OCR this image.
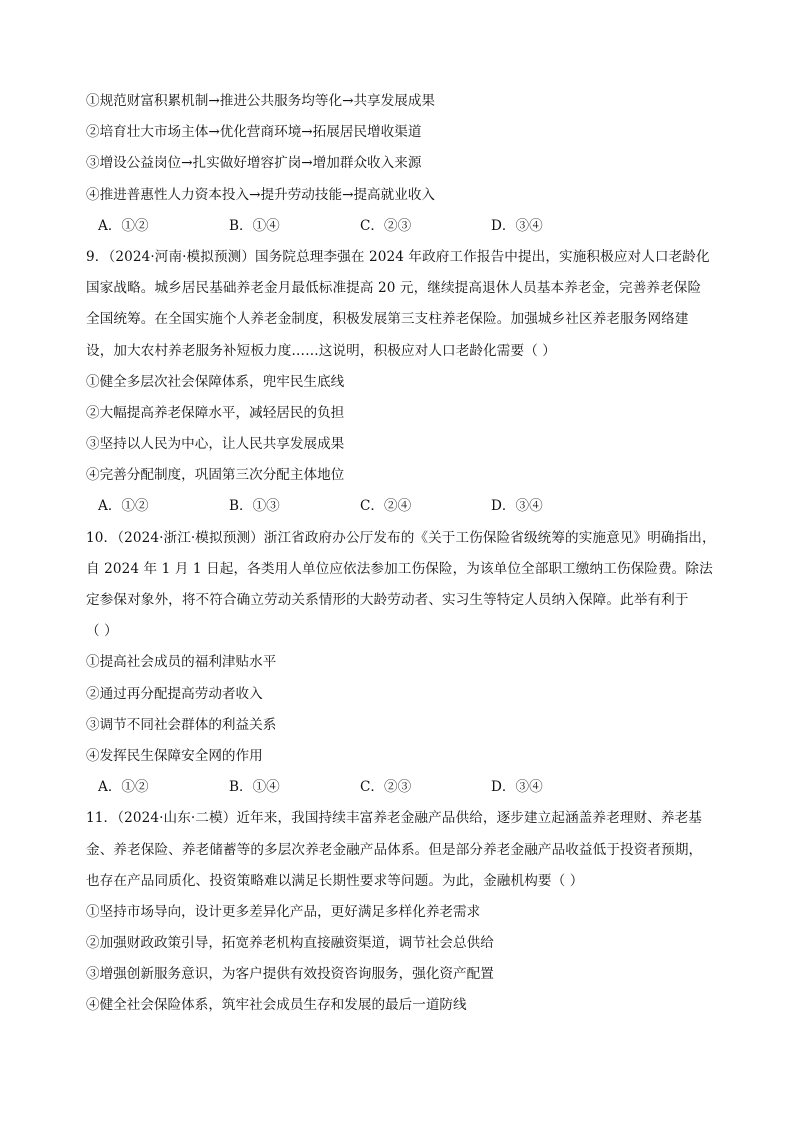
①规范财富积累机制→推进公共服务均等化→共享发展成果
②培育壮大市场主体→优化营商环境→拓展居民增收渠道
③增设公益岗位→扎实做好增容扩岗→增加群众收入来源
④推进普惠性人力资本投入→提升劳动技能→提高就业收入
A．①②	B．①④	C．②③	D．③④
9．（2024·河南·模拟预测）国务院总理李强在 2024 年政府工作报告中提出，实施积极应对人口老龄化
国家战略。城乡居民基础养老金月最低标准提高 20 元，继续提高退休人员基本养老金，完善养老保险
全国统筹。在全国实施个人养老金制度，积极发展第三支柱养老保险。加强城乡社区养老服务网络建
设，加大农村养老服务补短板力度……这说明，积极应对人口老龄化需要（ ）
①健全多层次社会保障体系，兜牢民生底线
②大幅提高养老保障水平，减轻居民的负担
③坚持以人民为中心，让人民共享发展成果
④完善分配制度，巩固第三次分配主体地位
A．①②	B．①③	C．②④	D．③④
10．（2024·浙江·模拟预测）浙江省政府办公厅发布的《关于工伤保险省级统筹的实施意见》明确指出，
自 2024 年 1 月 1 日起，各类用人单位应依法参加工伤保险，为该单位全部职工缴纳工伤保险费。除法
定参保对象外，将不符合确立劳动关系情形的大龄劳动者、实习生等特定人员纳入保障。此举有利于
（ ）
①提高社会成员的福利津贴水平
②通过再分配提高劳动者收入
③调节不同社会群体的利益关系
④发挥民生保障安全网的作用
A．①②	B．①④	C．②③	D．③④
11．（2024·山东·二模）近年来，我国持续丰富养老金融产品供给，逐步建立起涵盖养老理财、养老基
金、养老保险、养老储蓄等的多层次养老金融产品体系。但是部分养老金融产品收益低于投资者预期，
也存在产品同质化、投资策略难以满足长期性要求等问题。为此，金融机构要（ ）
①坚持市场导向，设计更多差异化产品，更好满足多样化养老需求
②加强财政政策引导，拓宽养老机构直接融资渠道，调节社会总供给
③增强创新服务意识，为客户提供有效投资咨询服务，强化资产配置
④健全社会保险体系，筑牢社会成员生存和发展的最后一道防线
